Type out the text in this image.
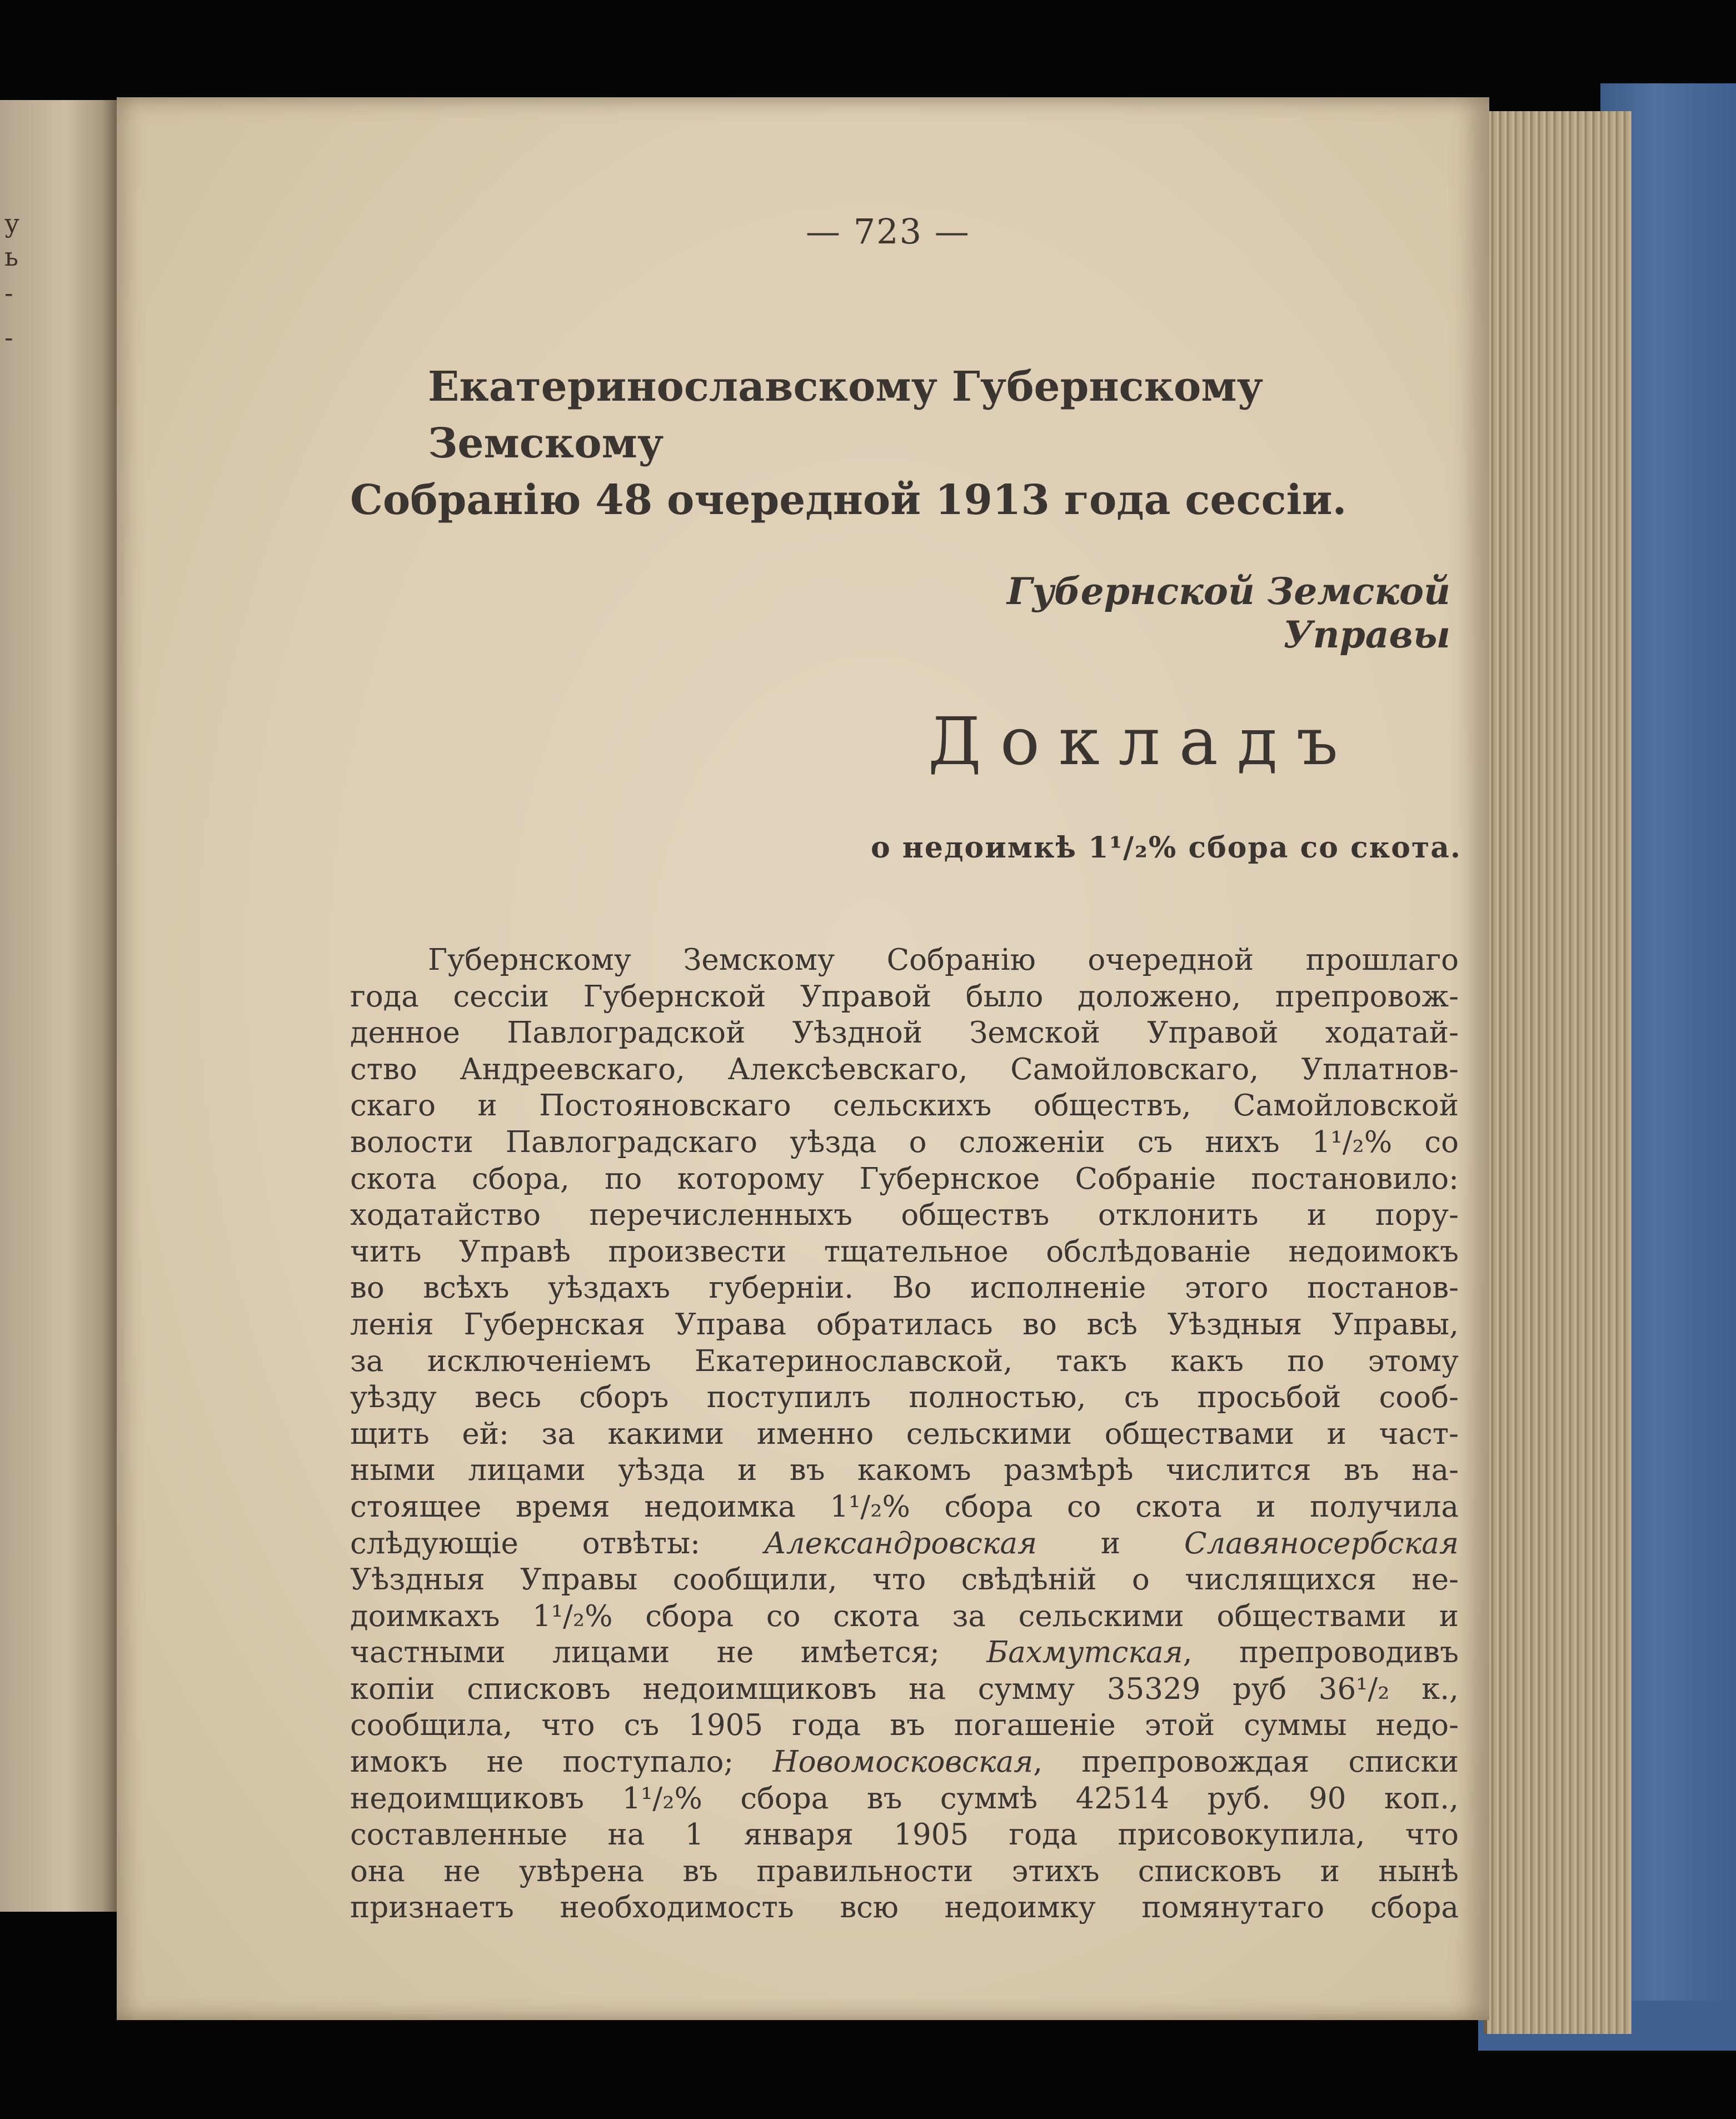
у
ь
-
-
— 723 —
Екатеринославскому Губернскому Земскому
Собранію 48 очередной 1913 года сессіи.
Губернской Земской Управы
Докладъ
о недоимкѣ 1¹/₂% сбора со скота.
Губернскому Земскому Собранію очередной прошлаго
года сессіи Губернской Управой было доложено, препровож-
денное Павлоградской Уѣздной Земской Управой ходатай-
ство Андреевскаго, Алексѣевскаго, Самойловскаго, Уплатнов-
скаго и Постояновскаго сельскихъ обществъ, Самойловской
волости Павлоградскаго уѣзда о сложеніи съ нихъ 1¹/₂% со
скота сбора, по которому Губернское Собраніе постановило:
ходатайство перечисленныхъ обществъ отклонить и пору-
чить Управѣ произвести тщательное обслѣдованіе недоимокъ
во всѣхъ уѣздахъ губерніи. Во исполненіе этого постанов-
ленія Губернская Управа обратилась во всѣ Уѣздныя Управы,
за исключеніемъ Екатеринославской, такъ какъ по этому
уѣзду весь сборъ поступилъ полностью, съ просьбой сооб-
щить ей: за какими именно сельскими обществами и част-
ными лицами уѣзда и въ какомъ размѣрѣ числится въ на-
стоящее время недоимка 1¹/₂% сбора со скота и получила
слѣдующіе отвѣты: Александровская и Славяносербская
Уѣздныя Управы сообщили, что свѣдѣній о числящихся не-
доимкахъ 1¹/₂% сбора со скота за сельскими обществами и
частными лицами не имѣется; Бахмутская, препроводивъ
копіи списковъ недоимщиковъ на сумму 35329 руб 36¹/₂ к.,
сообщила, что съ 1905 года въ погашеніе этой суммы недо-
имокъ не поступало; Новомосковская, препровождая списки
недоимщиковъ 1¹/₂% сбора въ суммѣ 42514 руб. 90 коп.,
составленные на 1 января 1905 года присовокупила, что
она не увѣрена въ правильности этихъ списковъ и нынѣ
признаетъ необходимость всю недоимку помянутаго сбора
